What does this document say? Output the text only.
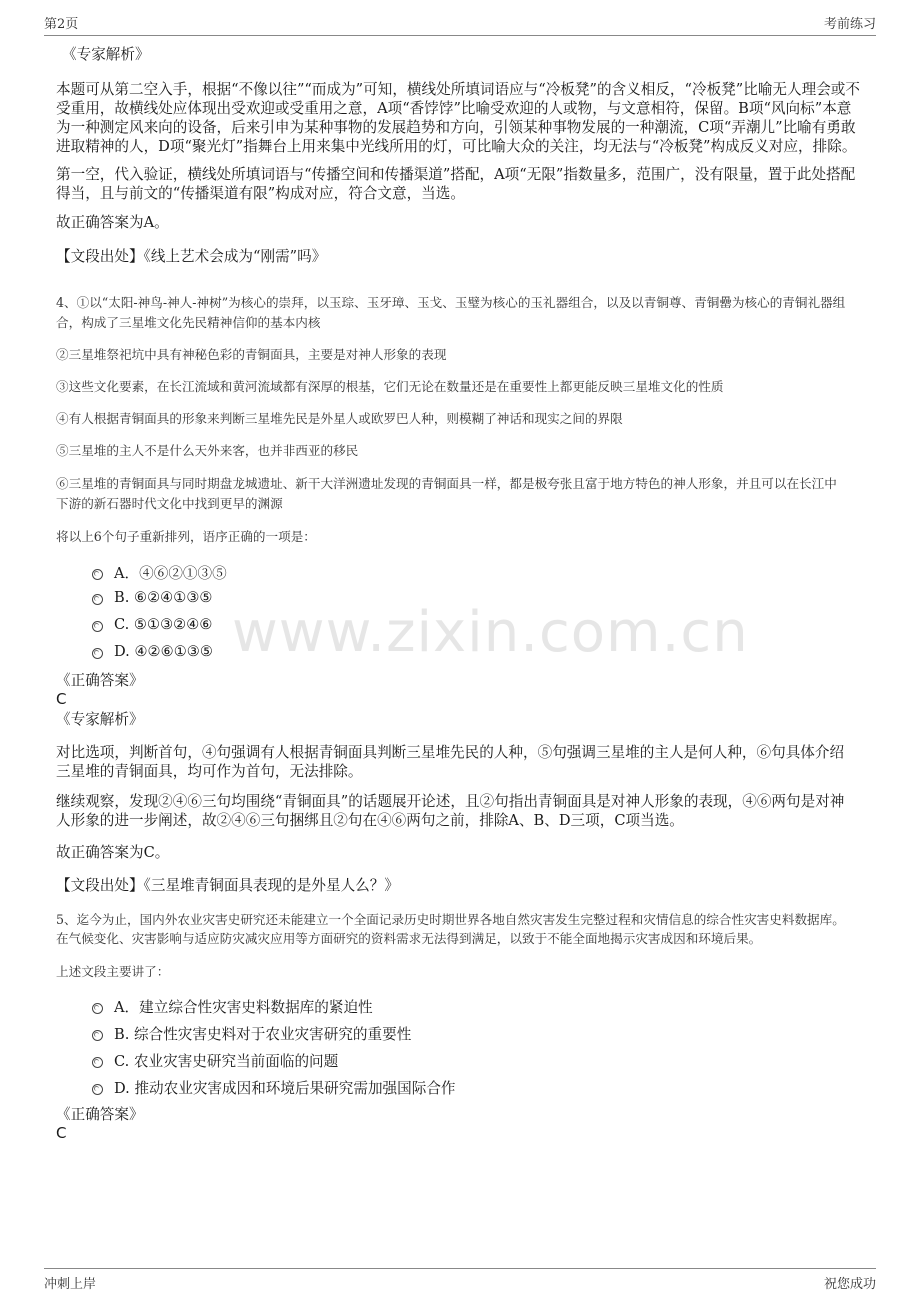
第2页	考前练习
www.zixin.com.cn
《专家解析》
本题可从第二空入手，根据“不像以往”“而成为”可知，横线处所填词语应与“冷板凳”的含义相反，“冷板凳”比喻无人理会或不
受重用，故横线处应体现出受欢迎或受重用之意，A项“香饽饽”比喻受欢迎的人或物，与文意相符，保留。B项“风向标”本意
为一种测定风来向的设备，后来引申为某种事物的发展趋势和方向，引领某种事物发展的一种潮流，C项“弄潮儿”比喻有勇敢
进取精神的人，D项“聚光灯”指舞台上用来集中光线所用的灯，可比喻大众的关注，均无法与“冷板凳”构成反义对应，排除。
第一空，代入验证，横线处所填词语与“传播空间和传播渠道”搭配，A项“无限”指数量多，范围广，没有限量，置于此处搭配
得当，且与前文的“传播渠道有限”构成对应，符合文意，当选。
故正确答案为A。
【文段出处】《线上艺术会成为“刚需”吗》
4、①以“太阳-神鸟-神人-神树”为核心的崇拜，以玉琮、玉牙璋、玉戈、玉璧为核心的玉礼器组合，以及以青铜尊、青铜罍为核心的青铜礼器组
合，构成了三星堆文化先民精神信仰的基本内核
②三星堆祭祀坑中具有神秘色彩的青铜面具，主要是对神人形象的表现
③这些文化要素，在长江流域和黄河流域都有深厚的根基，它们无论在数量还是在重要性上都更能反映三星堆文化的性质
④有人根据青铜面具的形象来判断三星堆先民是外星人或欧罗巴人种，则模糊了神话和现实之间的界限
⑤三星堆的主人不是什么天外来客，也并非西亚的移民
⑥三星堆的青铜面具与同时期盘龙城遗址、新干大洋洲遗址发现的青铜面具一样，都是极夸张且富于地方特色的神人形象，并且可以在长江中
下游的新石器时代文化中找到更早的渊源
将以上6个句子重新排列，语序正确的一项是：
A．④⑥②①③⑤
B. ⑥②④①③⑤
C. ⑤①③②④⑥
D. ④②⑥①③⑤
《正确答案》
C
《专家解析》
对比选项，判断首句，④句强调有人根据青铜面具判断三星堆先民的人种，⑤句强调三星堆的主人是何人种，⑥句具体介绍
三星堆的青铜面具，均可作为首句，无法排除。
继续观察，发现②④⑥三句均围绕“青铜面具”的话题展开论述，且②句指出青铜面具是对神人形象的表现，④⑥两句是对神
人形象的进一步阐述，故②④⑥三句捆绑且②句在④⑥两句之前，排除A、B、D三项，C项当选。
故正确答案为C。
【文段出处】《三星堆青铜面具表现的是外星人么？》
5、迄今为止，国内外农业灾害史研究还未能建立一个全面记录历史时期世界各地自然灾害发生完整过程和灾情信息的综合性灾害史料数据库。
在气候变化、灾害影响与适应防灾减灾应用等方面研究的资料需求无法得到满足，以致于不能全面地揭示灾害成因和环境后果。
上述文段主要讲了：
A．建立综合性灾害史料数据库的紧迫性
B. 综合性灾害史料对于农业灾害研究的重要性
C. 农业灾害史研究当前面临的问题
D. 推动农业灾害成因和环境后果研究需加强国际合作
《正确答案》
C
冲刺上岸	祝您成功
